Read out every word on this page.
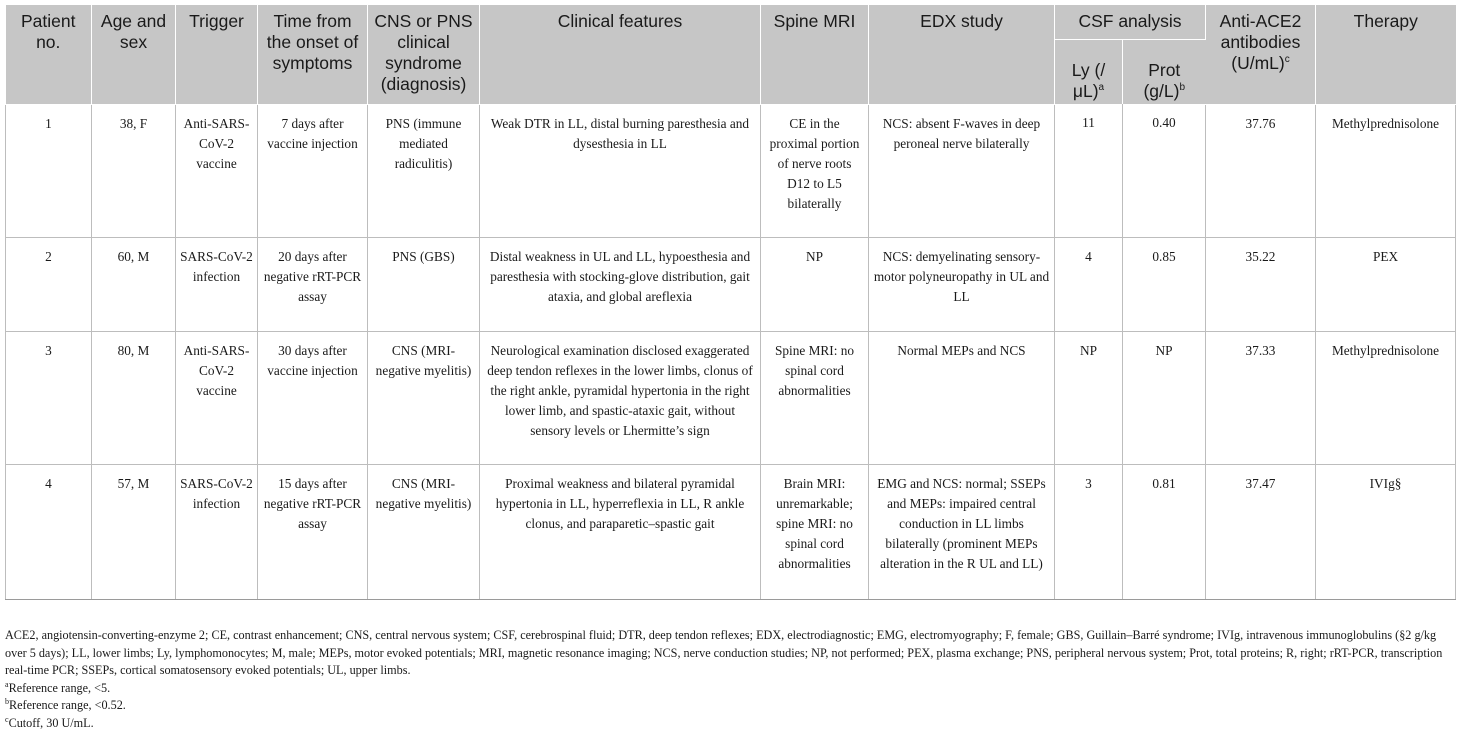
Patient no.	Age and sex	Trigger	Time from the onset of symptoms	CNS or PNS clinical syndrome (diagnosis)	Clinical features	Spine MRI	EDX study	CSF analysis		Anti-ACE2 antibodies $(U/mL)^c$	Therapy
								Ly $(/\mu L)^a$	Prot $(g/L)^b$
1	38, F	Anti-SARS-CoV-2 vaccine	7 days after vaccine injection	PNS (immune mediated radiculitis)	Weak DTR in LL, distal burning paresthesia and dysesthesia in LL	CE in the proximal portion of nerve roots D12 to L5 bilaterally	NCS: absent F-waves in deep peroneal nerve bilaterally	11	0.40	37.76	Methylprednisolone
2	60, M	SARS-CoV-2 infection	20 days after negative rRT-PCR assay	PNS (GBS)	Distal weakness in UL and LL, hypoesthesia and paresthesia with stocking-glove distribution, gait ataxia, and global areflexia	NP	NCS: demyelinating sensory-motor polyneuropathy in UL and LL	4	0.85	35.22	PEX
3	80, M	Anti-SARS-CoV-2 vaccine	30 days after vaccine injection	CNS (MRI-negative myelitis)	Neurological examination disclosed exaggerated deep tendon reflexes in the lower limbs, clonus of the right ankle, pyramidal hypertonia in the right lower limb, and spastic-ataxic gait, without sensory levels or Lhermitte’s sign	Spine MRI: no spinal cord abnormalities	Normal MEPs and NCS	NP	NP	37.33	Methylprednisolone
4	57, M	SARS-CoV-2 infection	15 days after negative rRT-PCR assay	CNS (MRI-negative myelitis)	Proximal weakness and bilateral pyramidal hypertonia in LL, hyperreflexia in LL, R ankle clonus, and paraparetic–spastic gait	Brain MRI: unremarkable; spine MRI: no spinal cord abnormalities	EMG and NCS: normal; SSEPs and MEPs: impaired central conduction in LL limbs bilaterally (prominent MEPs alteration in the R UL and LL)	3	0.81	37.47	IVIg§

ACE2, angiotensin-converting-enzyme 2; CE, contrast enhancement; CNS, central nervous system; CSF, cerebrospinal fluid; DTR, deep tendon reflexes; EDX, electrodiagnostic; EMG, electromyography; F, female; GBS, Guillain–Barré syndrome; IVIg, intravenous immunoglobulins (§2 g/kg over 5 days); LL, lower limbs; Ly, lymphomonocytes; M, male; MEPs, motor evoked potentials; MRI, magnetic resonance imaging; NCS, nerve conduction studies; NP, not performed; PEX, plasma exchange; PNS, peripheral nervous system; Prot, total proteins; R, right; rRT-PCR, transcription real-time PCR; SSEPs, cortical somatosensory evoked potentials; UL, upper limbs.

$^a$Reference range, <5.

$^b$Reference range, <0.52.

$^c$Cutoff, 30 U/mL.
